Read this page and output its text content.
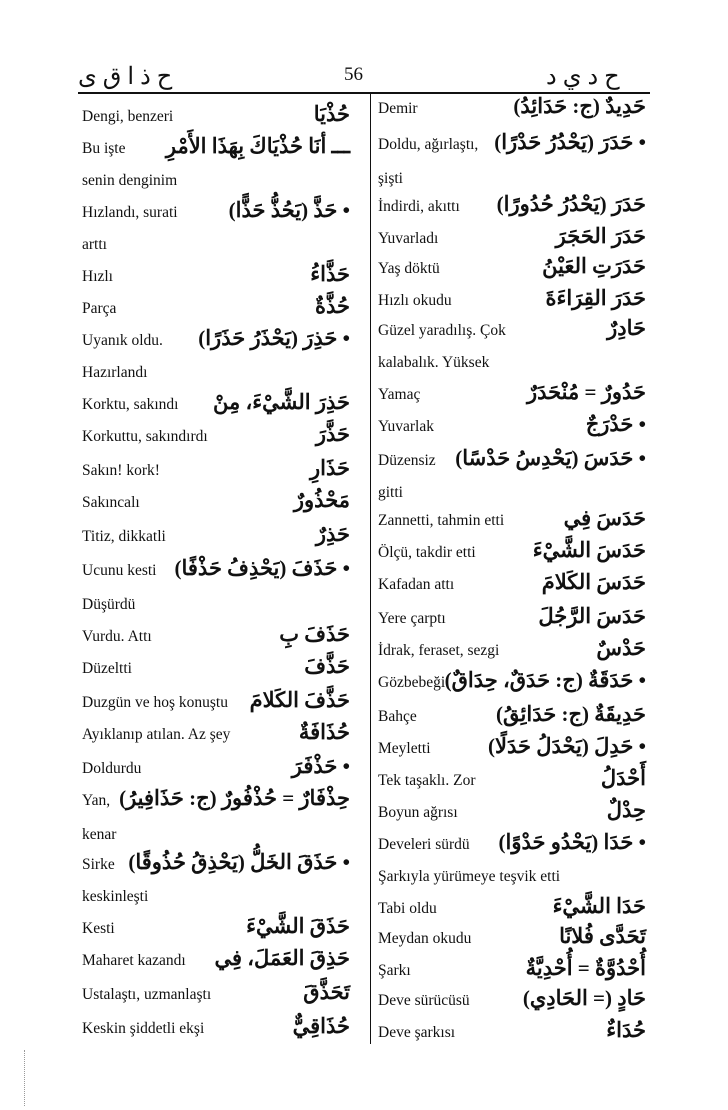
ح ذ ا ق ى	56	ح د ي د
Dengi, benzeri	حُذْيَا
Bu işte ـــ أنَا حُذْيَاكَ بِهَذَا الأَمْرِ
senin denginim
Hızlandı, surati • حَذَّ (يَحُذُّ حَذًّا)
arttı
Hızlı	حَذَّاءُ
Parça	حُذَّةٌ
Uyanık oldu. • حَذِرَ (يَحْذَرُ حَذَرًا)
Hazırlandı
Korktu, sakındı حَذِرَ الشَّيْءَ، مِنْ
Korkuttu, sakındırdı	حَذَّرَ
Sakın! kork!	حَذَارِ
Sakıncalı	مَحْذُورٌ
Titiz, dikkatli	حَذِرٌ
Ucunu kesti • حَذَفَ (يَحْذِفُ حَذْفًا)
Düşürdü
Vurdu. Attı	حَذَفَ بِ
Düzeltti	حَذَّفَ
Duzgün ve hoş konuştu حَذَّفَ الكَلامَ
Ayıklanıp atılan. Az şey	حُذَافَةٌ
Doldurdu	• حَذْفَرَ
Yan, حِذْفَارٌ = حُذْفُورٌ (ج: حَذَافِيرُ)
kenar
Sirke • حَذَقَ الخَلُّ (يَحْذِقُ حُذُوقًا)
keskinleşti
Kesti	حَذَقَ الشَّيْءَ
Maharet kazandı حَذِقَ العَمَلَ، فِي
Ustalaştı, uzmanlaştı	تَحَذَّقَ
Keskin şiddetli ekşi	حُذَاقِيٌّ
Demir	حَدِيدٌ (ج: حَدَائِدُ)
Doldu, ağırlaştı, • حَدَرَ (يَحْدُرُ حَدْرًا)
şişti
İndirdi, akıttı حَدَرَ (يَحْدُرُ حُدُورًا)
Yuvarladı	حَدَرَ الحَجَرَ
Yaş döktü	حَدَرَتِ العَيْنُ
Hızlı okudu	حَدَرَ القِرَاءَةَ
Güzel yaradılış. Çok	حَادِرٌ
kalabalık. Yüksek
Yamaç	حَدُورٌ = مُنْحَدَرٌ
Yuvarlak	• حَدْرَجٌ
Düzensiz • حَدَسَ (يَحْدِسُ حَدْسًا)
gitti
Zannetti, tahmin etti	حَدَسَ فِي
Ölçü, takdir etti	حَدَسَ الشَّيْءَ
Kafadan attı	حَدَسَ الكَلامَ
Yere çarptı	حَدَسَ الرَّجُلَ
İdrak, feraset, sezgi	حَدْسٌ
Gözbebeği • حَدَقَةٌ (ج: حَدَقٌ، حِدَاقٌ)
Bahçe	حَدِيقَةٌ (ج: حَدَائِقُ)
Meyletti	• حَدِلَ (يَحْدَلُ حَدَلًا)
Tek taşaklı. Zor	أَحْدَلُ
Boyun ağrısı	حِدْلٌ
Develeri sürdü • حَدَا (يَحْدُو حَدْوًا)
Şarkıyla yürümeye teşvik etti
Tabi oldu	حَدَا الشَّيْءَ
Meydan okudu	تَحَدَّى فُلانًا
Şarkı	أُحْدُوَّةٌ = أُحْدِيَّةٌ
Deve sürücüsü	حَادٍ (= الحَادِي)
Deve şarkısı	حُدَاءٌ
